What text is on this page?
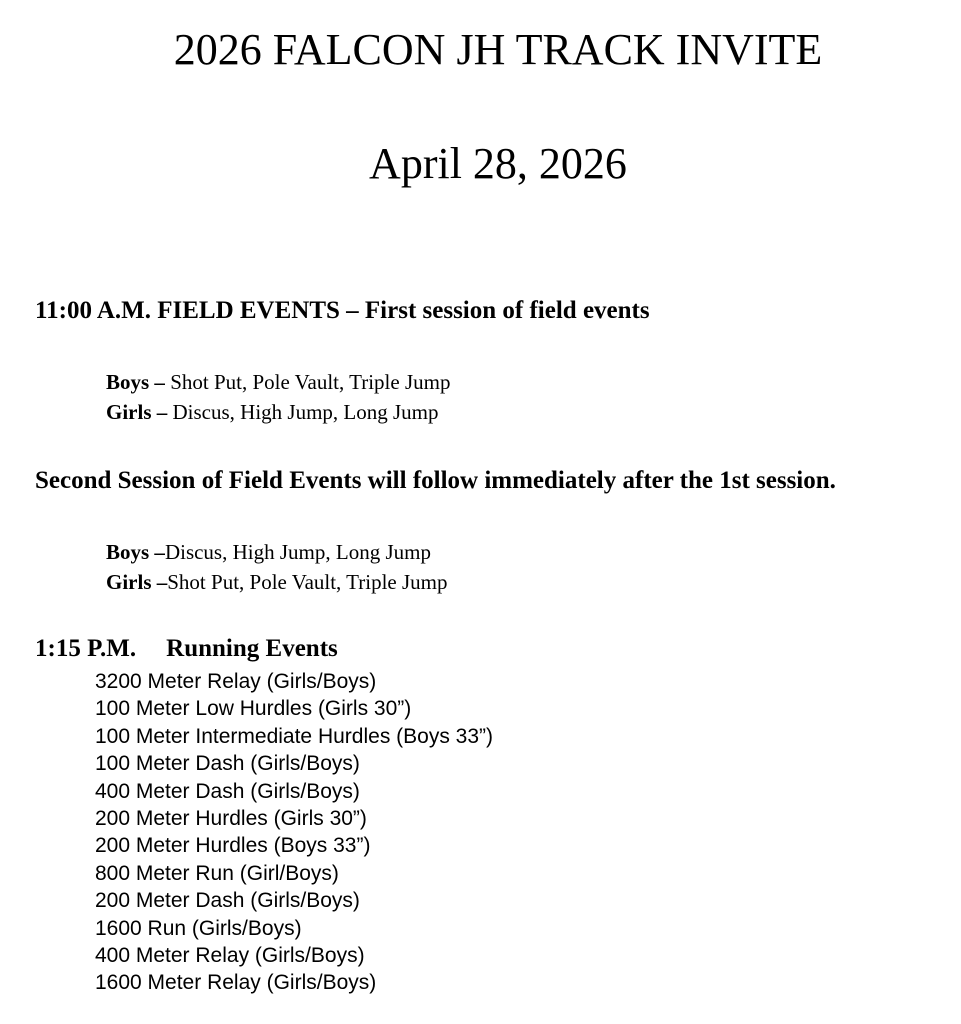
2026 FALCON JH TRACK INVITE
April 28, 2026
11:00 A.M. FIELD EVENTS – First session of field events
Boys – Shot Put, Pole Vault, Triple Jump
Girls – Discus, High Jump, Long Jump
Second Session of Field Events will follow immediately after the 1st session.
Boys –Discus, High Jump, Long Jump
Girls –Shot Put, Pole Vault, Triple Jump
1:15 P.M. Running Events
3200 Meter Relay (Girls/Boys)
100 Meter Low Hurdles (Girls 30”)
100 Meter Intermediate Hurdles (Boys 33”)
100 Meter Dash (Girls/Boys)
400 Meter Dash (Girls/Boys)
200 Meter Hurdles (Girls 30”)
200 Meter Hurdles (Boys 33”)
800 Meter Run (Girl/Boys)
200 Meter Dash (Girls/Boys)
1600 Run (Girls/Boys)
400 Meter Relay (Girls/Boys)
1600 Meter Relay (Girls/Boys)
